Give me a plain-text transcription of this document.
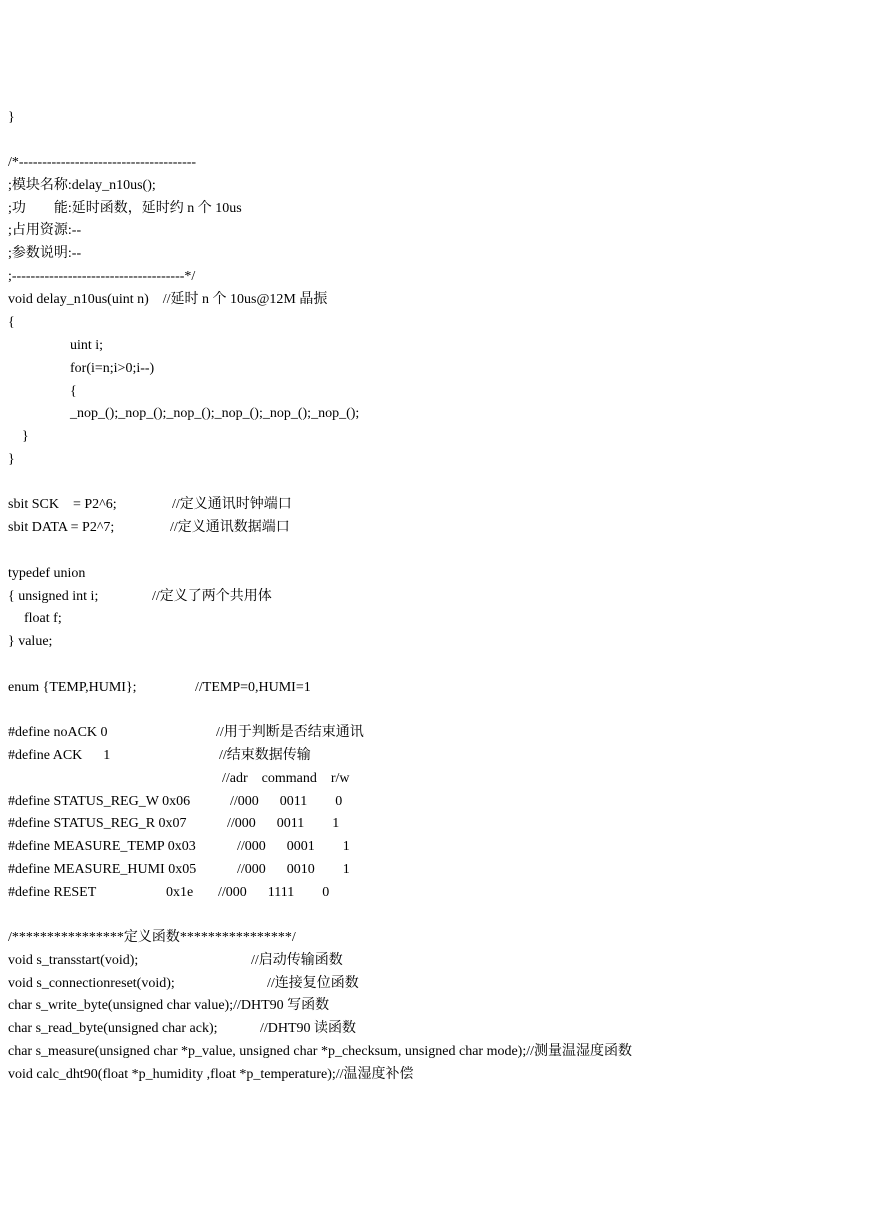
}
/*--------------------------------------
;模块名称:delay_n10us();
;功        能:延时函数，延时约 n 个 10us
;占用资源:--
;参数说明:--
;-------------------------------------*/
void delay_n10us(uint n)    //延时 n 个 10us@12M 晶振
{
uint i;
for(i=n;i>0;i--)
{
_nop_();_nop_();_nop_();_nop_();_nop_();_nop_();
}
}
sbit SCK    = P2^6;	//定义通讯时钟端口
sbit DATA = P2^7;	//定义通讯数据端口
typedef union
{ unsigned int i;	//定义了两个共用体
float f;
} value;
enum {TEMP,HUMI};	//TEMP=0,HUMI=1
#define noACK 0	//用于判断是否结束通讯
#define ACK      1	//结束数据传输
//adr    command    r/w
#define STATUS_REG_W 0x06	//000      0011        0
#define STATUS_REG_R 0x07	//000      0011        1
#define MEASURE_TEMP 0x03	//000      0001        1
#define MEASURE_HUMI 0x05	//000      0010        1
#define RESET	0x1e //000      1111        0
/****************定义函数****************/
void s_transstart(void);	//启动传输函数
void s_connectionreset(void);	//连接复位函数
char s_write_byte(unsigned char value);//DHT90 写函数
char s_read_byte(unsigned char ack);	//DHT90 读函数
char s_measure(unsigned char *p_value, unsigned char *p_checksum, unsigned char mode);//测量温湿度函数
void calc_dht90(float *p_humidity ,float *p_temperature);//温湿度补偿
